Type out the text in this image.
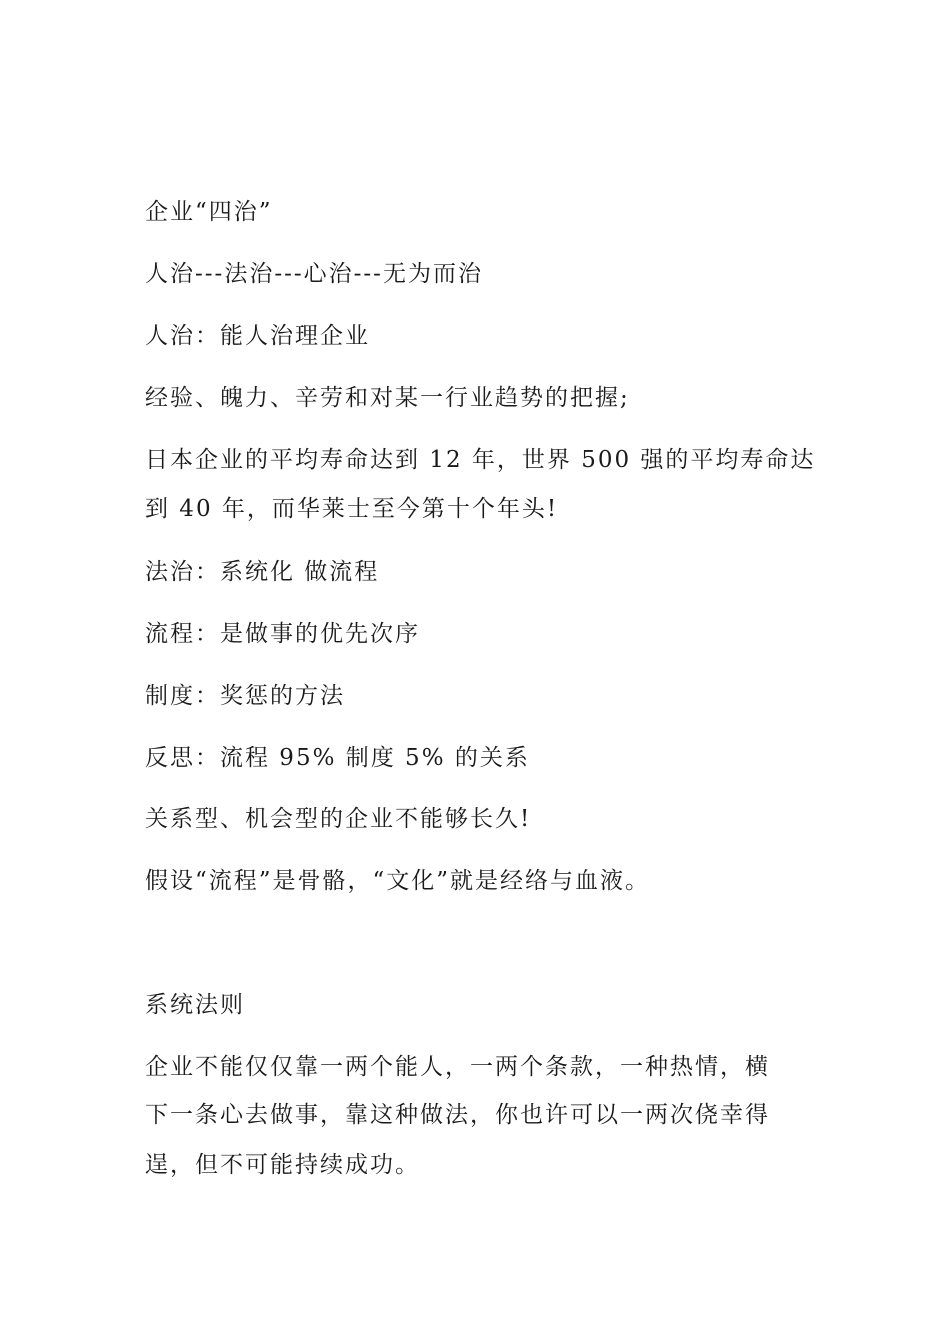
企业“四治”

人治---法治---心治---无为而治

人治：能人治理企业

经验、魄力、辛劳和对某一行业趋势的把握;

日本企业的平均寿命达到 12 年，世界 500 强的平均寿命达

到 40 年，而华莱士至今第十个年头!

法治：系统化 做流程

流程：是做事的优先次序

制度：奖惩的方法

反思：流程 95% 制度 5% 的关系

关系型、机会型的企业不能够长久!

假设“流程”是骨骼，“文化”就是经络与血液。

系统法则

企业不能仅仅靠一两个能人，一两个条款，一种热情，横

下一条心去做事，靠这种做法，你也许可以一两次侥幸得

逞，但不可能持续成功。
